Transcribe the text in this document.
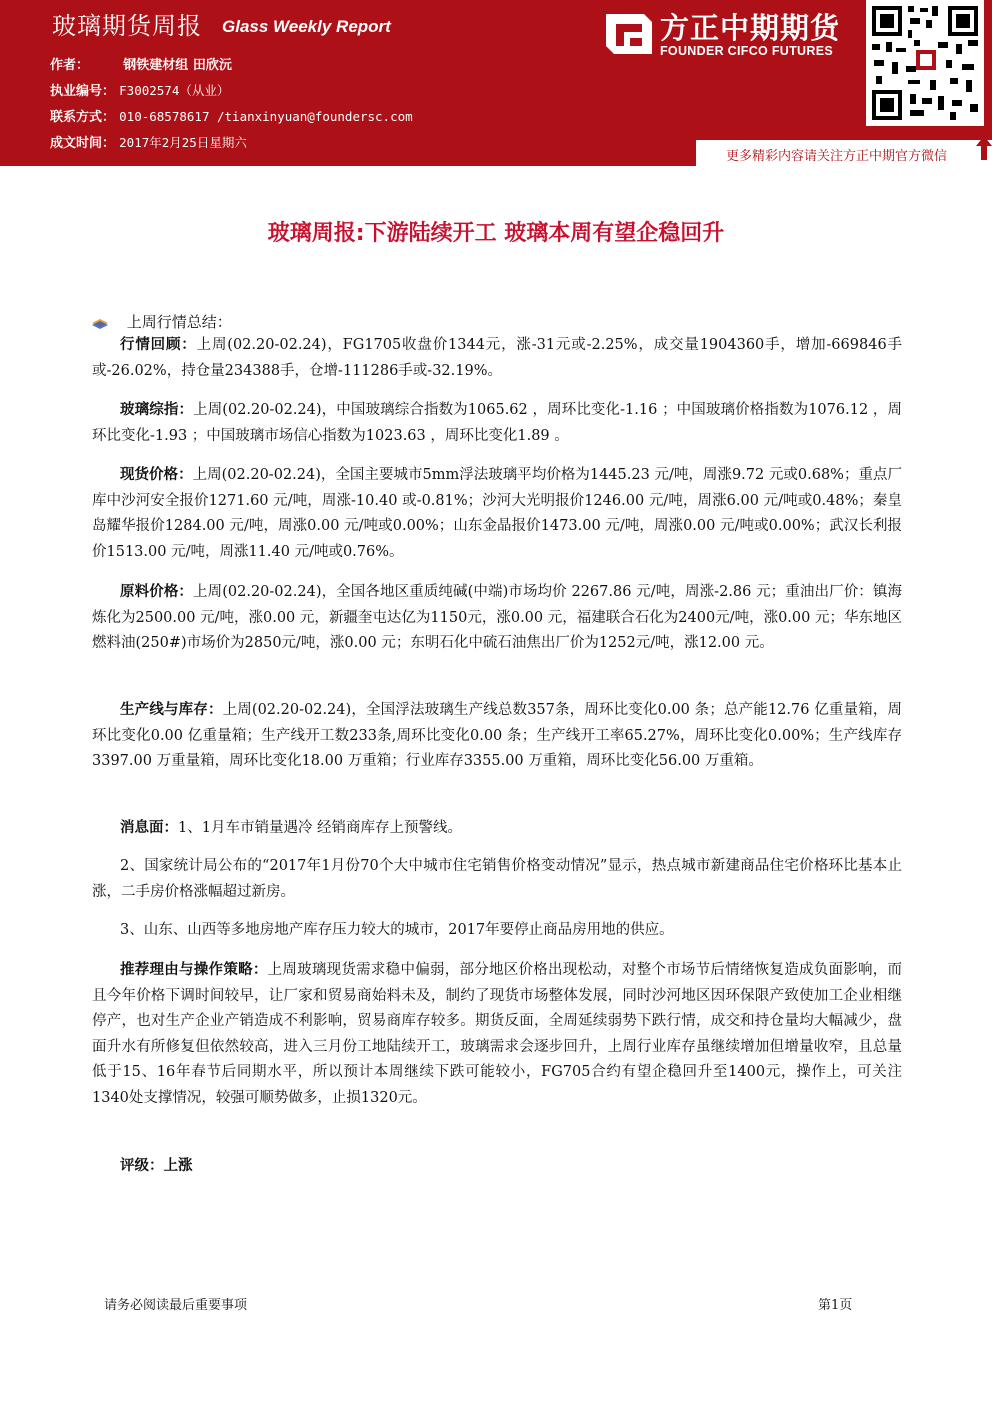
玻璃期货周报 Glass Weekly Report
作者：	钢铁建材组 田欣沅
执业编号： F3002574（从业）
联系方式： 010-68578617 /tianxinyuan@foundersc.com
成文时间： 2017年2月25日星期六
方正中期期货
FOUNDER CIFCO FUTURES
更多精彩内容请关注方正中期官方微信
玻璃周报:下游陆续开工 玻璃本周有望企稳回升
上周行情总结：
行情回顾：上周(02.20-02.24)，FG1705收盘价1344元，涨-31元或-2.25%，成交量1904360手，增加-669846手或-26.02%，持仓量234388手，仓增-111286手或-32.19%。
玻璃综指：上周(02.20-02.24)，中国玻璃综合指数为1065.62 ，周环比变化-1.16 ；中国玻璃价格指数为1076.12 ，周环比变化-1.93 ；中国玻璃市场信心指数为1023.63 ，周环比变化1.89 。
现货价格：上周(02.20-02.24)，全国主要城市5mm浮法玻璃平均价格为1445.23 元/吨，周涨9.72 元或0.68%；重点厂库中沙河安全报价1271.60 元/吨，周涨-10.40 或-0.81%；沙河大光明报价1246.00 元/吨，周涨6.00 元/吨或0.48%；秦皇岛耀华报价1284.00 元/吨，周涨0.00 元/吨或0.00%；山东金晶报价1473.00 元/吨，周涨0.00 元/吨或0.00%；武汉长利报价1513.00 元/吨，周涨11.40 元/吨或0.76%。
原料价格：上周(02.20-02.24)，全国各地区重质纯碱(中端)市场均价 2267.86 元/吨，周涨-2.86 元；重油出厂价：镇海炼化为2500.00 元/吨，涨0.00 元，新疆奎屯达亿为1150元，涨0.00 元，福建联合石化为2400元/吨，涨0.00 元；华东地区燃料油(250#)市场价为2850元/吨，涨0.00 元；东明石化中硫石油焦出厂价为1252元/吨，涨12.00 元。
生产线与库存：上周(02.20-02.24)，全国浮法玻璃生产线总数357条，周环比变化0.00 条；总产能12.76 亿重量箱，周环比变化0.00 亿重量箱；生产线开工数233条,周环比变化0.00 条；生产线开工率65.27%，周环比变化0.00%；生产线库存3397.00 万重量箱，周环比变化18.00 万重箱；行业库存3355.00 万重箱，周环比变化56.00 万重箱。
消息面：1、1月车市销量遇冷 经销商库存上预警线。
2、国家统计局公布的“2017年1月份70个大中城市住宅销售价格变动情况”显示，热点城市新建商品住宅价格环比基本止涨，二手房价格涨幅超过新房。
3、山东、山西等多地房地产库存压力较大的城市，2017年要停止商品房用地的供应。
推荐理由与操作策略：上周玻璃现货需求稳中偏弱，部分地区价格出现松动，对整个市场节后情绪恢复造成负面影响，而且今年价格下调时间较早，让厂家和贸易商始料未及，制约了现货市场整体发展，同时沙河地区因环保限产致使加工企业相继停产，也对生产企业产销造成不利影响，贸易商库存较多。期货反面，全周延续弱势下跌行情，成交和持仓量均大幅减少，盘面升水有所修复但依然较高，进入三月份工地陆续开工，玻璃需求会逐步回升，上周行业库存虽继续增加但增量收窄，且总量低于15、16年春节后同期水平，所以预计本周继续下跌可能较小，FG705合约有望企稳回升至1400元，操作上，可关注1340处支撑情况，较强可顺势做多，止损1320元。
评级：上涨
请务必阅读最后重要事项	第1页
